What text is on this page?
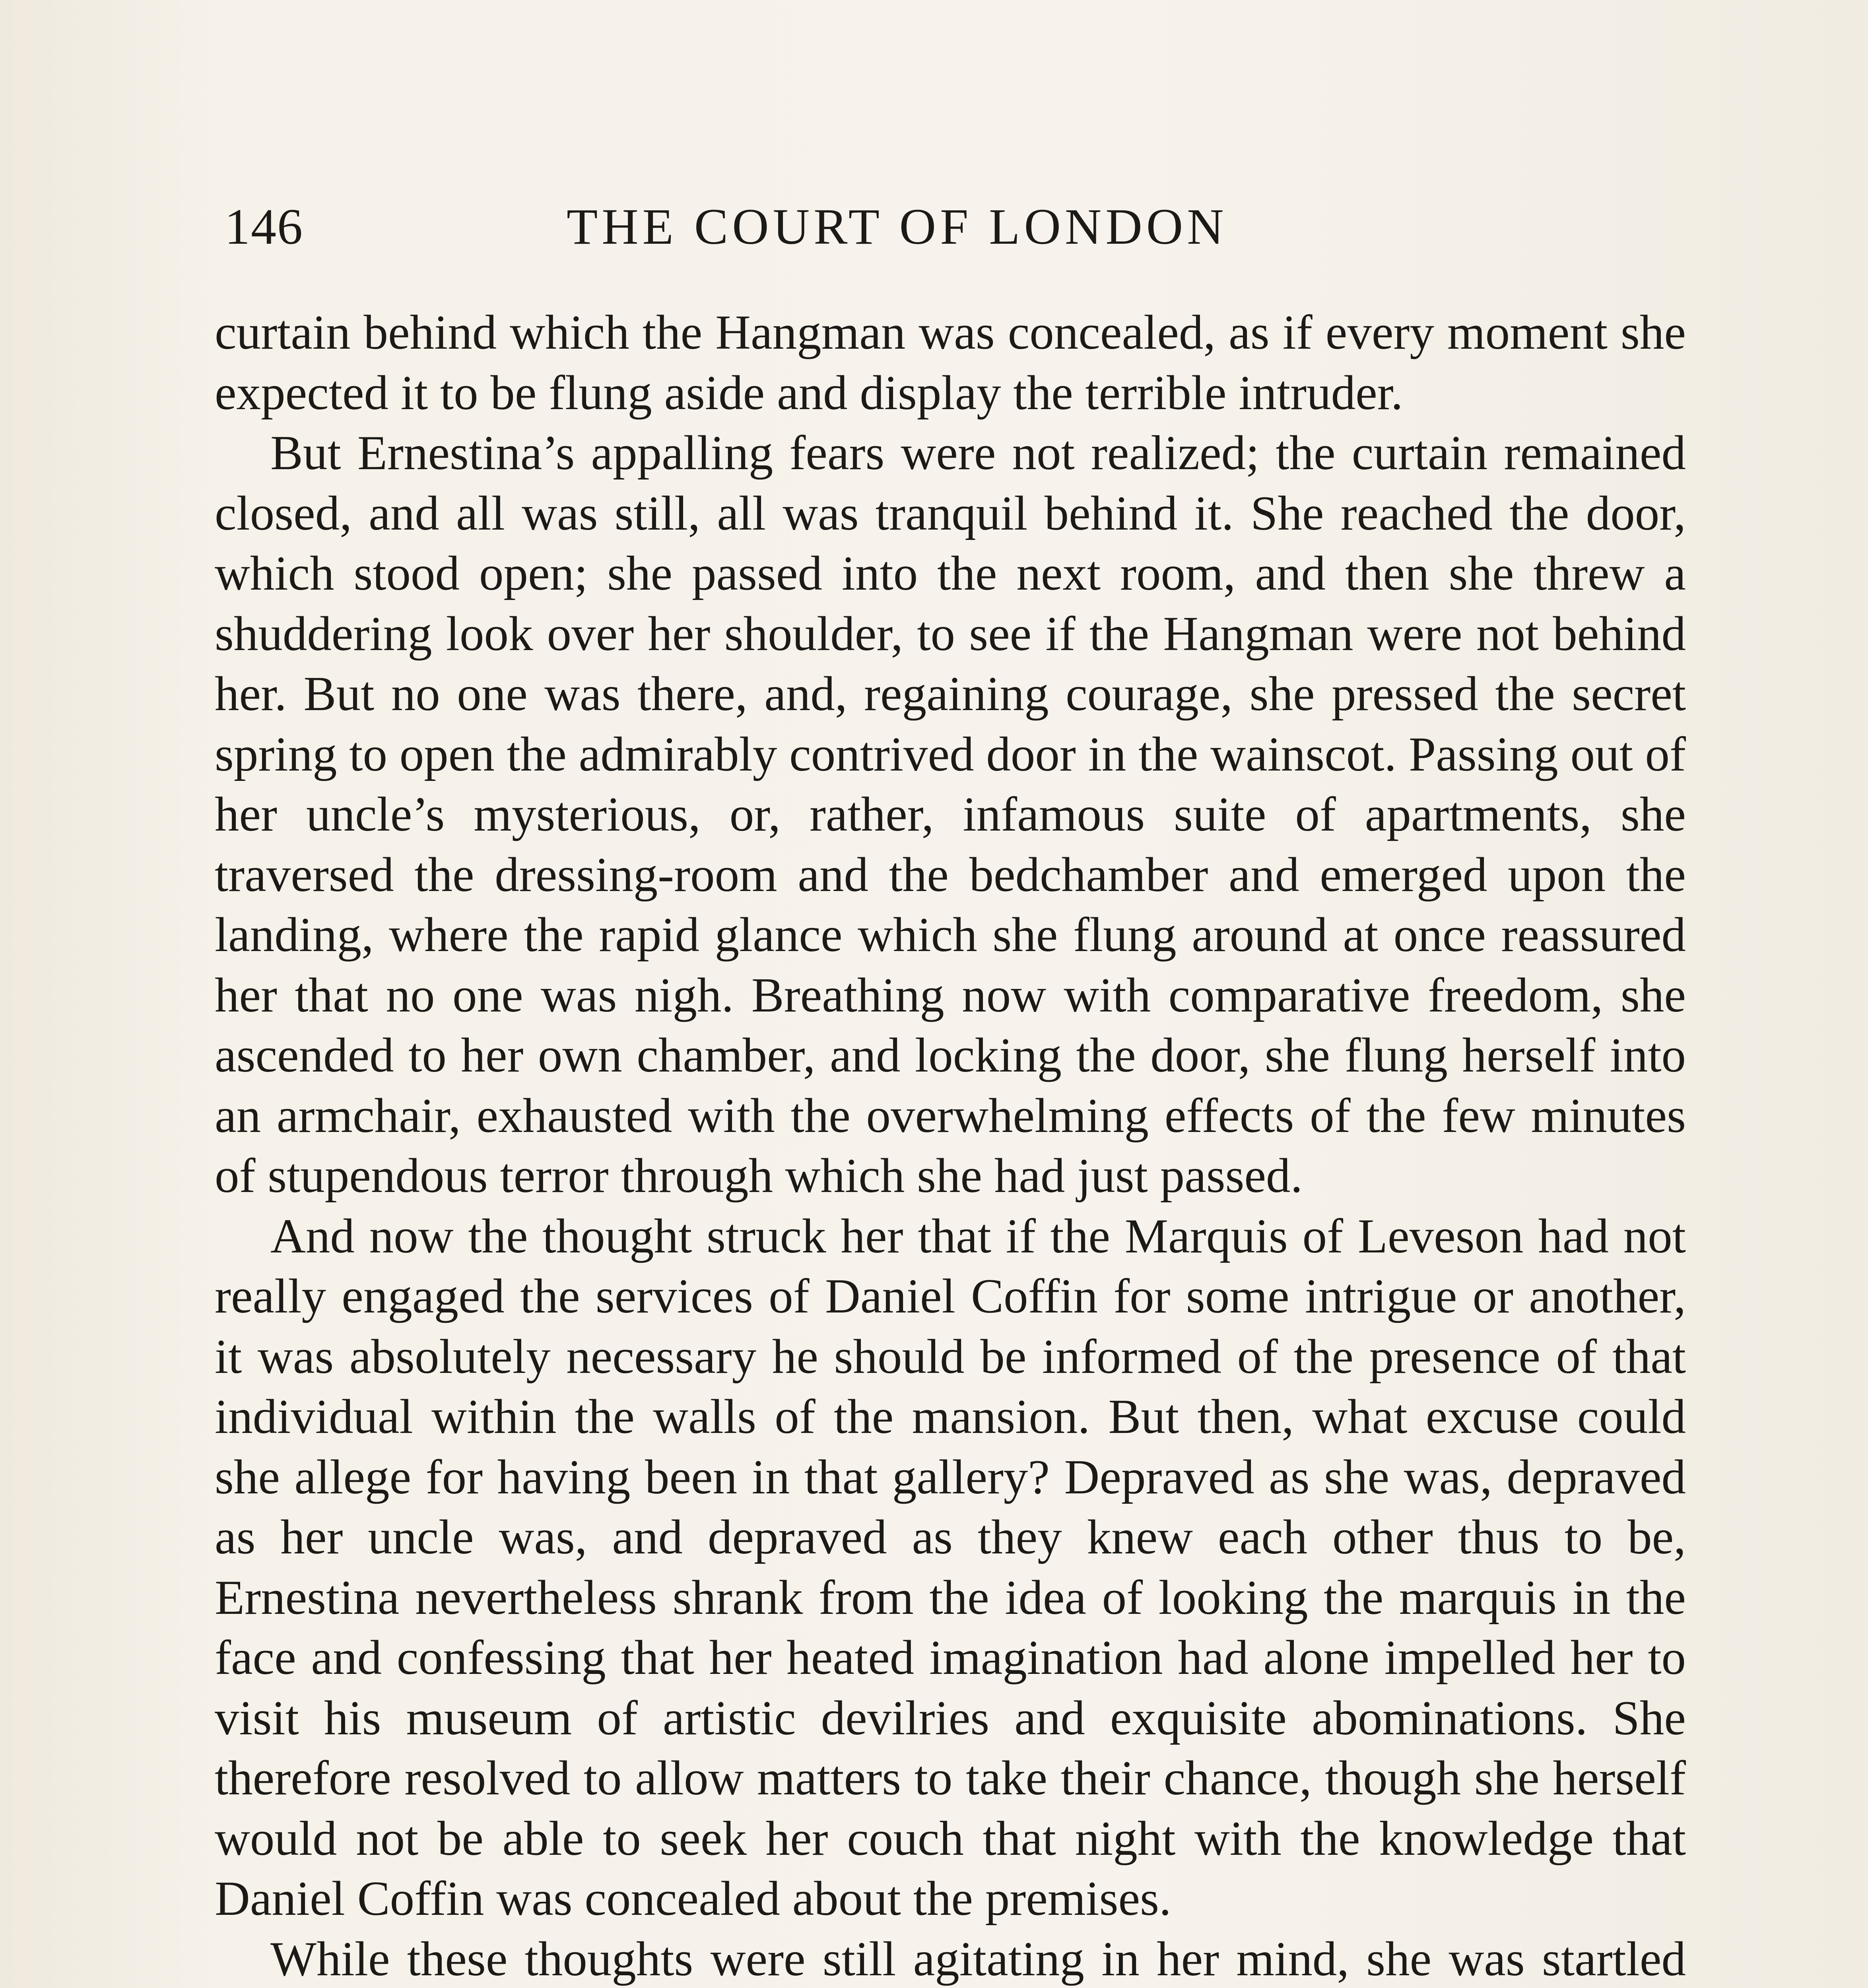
146	THE COURT OF LONDON

curtain behind which the Hangman was concealed, as if every moment she expected it to be flung aside and display the terrible intruder.

But Ernestina’s appalling fears were not realized; the curtain remained closed, and all was still, all was tranquil behind it. She reached the door, which stood open; she passed into the next room, and then she threw a shuddering look over her shoulder, to see if the Hangman were not behind her. But no one was there, and, regaining courage, she pressed the secret spring to open the admirably contrived door in the wainscot. Passing out of her uncle’s mysterious, or, rather, infamous suite of apartments, she traversed the dressing-room and the bedchamber and emerged upon the landing, where the rapid glance which she flung around at once reassured her that no one was nigh. Breathing now with comparative freedom, she ascended to her own chamber, and locking the door, she flung herself into an armchair, exhausted with the overwhelming effects of the few minutes of stupendous terror through which she had just passed.

And now the thought struck her that if the Marquis of Leveson had not really engaged the services of Daniel Coffin for some intrigue or another, it was absolutely necessary he should be informed of the presence of that individual within the walls of the mansion. But then, what excuse could she allege for having been in that gallery? Depraved as she was, depraved as her uncle was, and depraved as they knew each other thus to be, Ernestina nevertheless shrank from the idea of looking the marquis in the face and confessing that her heated imagination had alone impelled her to visit his museum of artistic devilries and exquisite abominations. She therefore resolved to allow matters to take their chance, though she herself would not be able to seek her couch that night with the knowledge that Daniel Coffin was concealed about the premises.

While these thoughts were still agitating in her mind, she was startled
